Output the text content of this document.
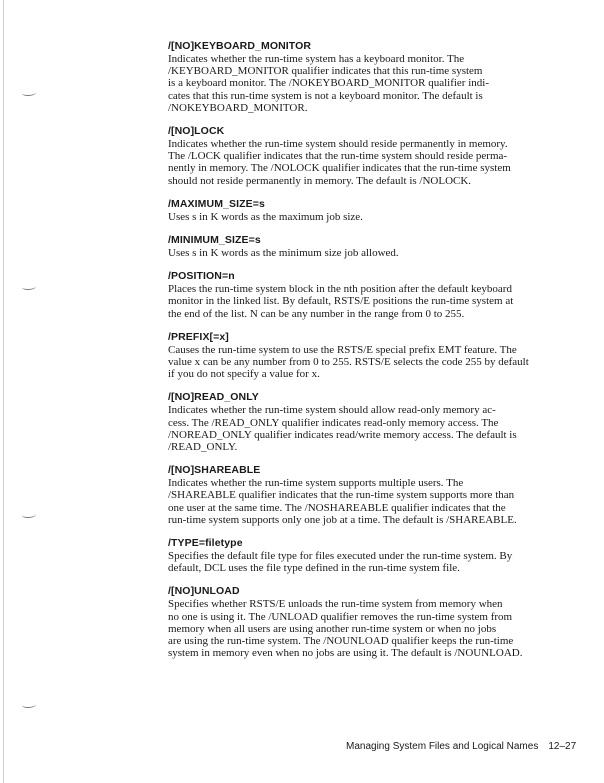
/[NO]KEYBOARD_MONITOR
Indicates whether the run-time system has a keyboard monitor. The
/KEYBOARD_MONITOR qualifier indicates that this run-time system
is a keyboard monitor. The /NOKEYBOARD_MONITOR qualifier indi-
cates that this run-time system is not a keyboard monitor. The default is
/NOKEYBOARD_MONITOR.
/[NO]LOCK
Indicates whether the run-time system should reside permanently in memory.
The /LOCK qualifier indicates that the run-time system should reside perma-
nently in memory. The /NOLOCK qualifier indicates that the run-time system
should not reside permanently in memory. The default is /NOLOCK.
/MAXIMUM_SIZE=s
Uses s in K words as the maximum job size.
/MINIMUM_SIZE=s
Uses s in K words as the minimum size job allowed.
/POSITION=n
Places the run-time system block in the nth position after the default keyboard
monitor in the linked list. By default, RSTS/E positions the run-time system at
the end of the list. N can be any number in the range from 0 to 255.
/PREFIX[=x]
Causes the run-time system to use the RSTS/E special prefix EMT feature. The
value x can be any number from 0 to 255. RSTS/E selects the code 255 by default
if you do not specify a value for x.
/[NO]READ_ONLY
Indicates whether the run-time system should allow read-only memory ac-
cess. The /READ_ONLY qualifier indicates read-only memory access. The
/NOREAD_ONLY qualifier indicates read/write memory access. The default is
/READ_ONLY.
/[NO]SHAREABLE
Indicates whether the run-time system supports multiple users. The
/SHAREABLE qualifier indicates that the run-time system supports more than
one user at the same time. The /NOSHAREABLE qualifier indicates that the
run-time system supports only one job at a time. The default is /SHAREABLE.
/TYPE=filetype
Specifies the default file type for files executed under the run-time system. By
default, DCL uses the file type defined in the run-time system file.
/[NO]UNLOAD
Specifies whether RSTS/E unloads the run-time system from memory when
no one is using it. The /UNLOAD qualifier removes the run-time system from
memory when all users are using another run-time system or when no jobs
are using the run-time system. The /NOUNLOAD qualifier keeps the run-time
system in memory even when no jobs are using it. The default is /NOUNLOAD.
Managing System Files and Logical Names 12–27
